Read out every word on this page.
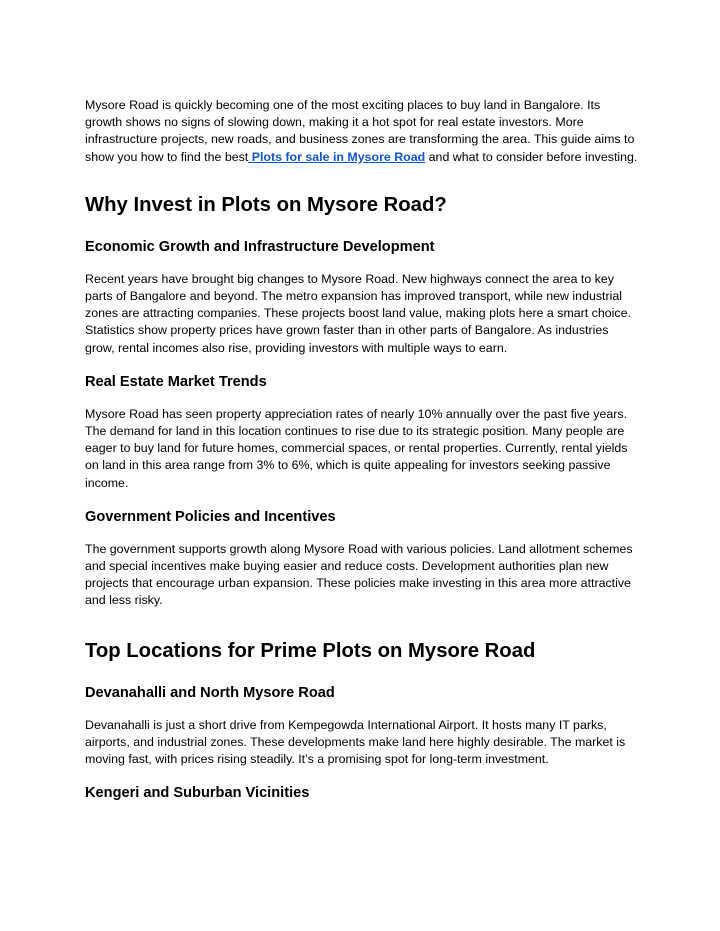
Mysore Road is quickly becoming one of the most exciting places to buy land in Bangalore. Its growth shows no signs of slowing down, making it a hot spot for real estate investors. More infrastructure projects, new roads, and business zones are transforming the area. This guide aims to show you how to find the best Plots for sale in Mysore Road and what to consider before investing.

Why Invest in Plots on Mysore Road?
Economic Growth and Infrastructure Development

Recent years have brought big changes to Mysore Road. New highways connect the area to key parts of Bangalore and beyond. The metro expansion has improved transport, while new industrial zones are attracting companies. These projects boost land value, making plots here a smart choice. Statistics show property prices have grown faster than in other parts of Bangalore. As industries grow, rental incomes also rise, providing investors with multiple ways to earn.

Real Estate Market Trends

Mysore Road has seen property appreciation rates of nearly 10% annually over the past five years. The demand for land in this location continues to rise due to its strategic position. Many people are eager to buy land for future homes, commercial spaces, or rental properties. Currently, rental yields on land in this area range from 3% to 6%, which is quite appealing for investors seeking passive income.

Government Policies and Incentives

The government supports growth along Mysore Road with various policies. Land allotment schemes and special incentives make buying easier and reduce costs. Development authorities plan new projects that encourage urban expansion. These policies make investing in this area more attractive and less risky.

Top Locations for Prime Plots on Mysore Road
Devanahalli and North Mysore Road

Devanahalli is just a short drive from Kempegowda International Airport. It hosts many IT parks, airports, and industrial zones. These developments make land here highly desirable. The market is moving fast, with prices rising steadily. It’s a promising spot for long-term investment.

Kengeri and Suburban Vicinities
